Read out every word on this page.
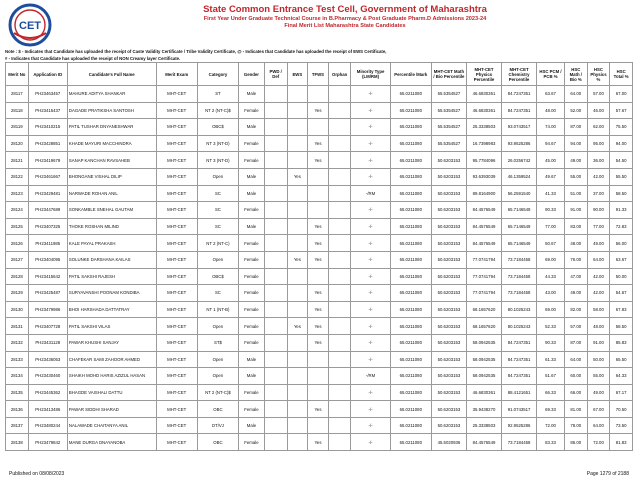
CET
State Common Entrance Test Cell, Government of Maharashtra
First Year Under Graduate Technical Course in B.Pharmacy & Post Graduate Pharm.D Admissions 2023-24
Final Merit List Maharashtra State Candidates
Note : $ - Indicates that Candidate has uploaded the receipt of Caste Validity Certificate / Tribe Validity Certificate, @ - Indicates that Candidate has uploaded the receipt of EWS Certificate,
# - Indicates that Candidate has uploaded the receipt of NON Creamy layer Certificate.
Merit No	Application ID	Candidate's Full Name	Merit Exam	Category	Gender	PWD / Def	EWS	TFWS	Orphan	Minority Type (LM/RM)	Percentile /Mark	MHT-CET Math / Bio Percentile	MHT-CET Physics Percentile	MHT-CET Chemistry Percentile	HSC PCM / PCB %	HSC Math / Bio %	HSC Physics %	HSC Total %
28117	PH23463457	MAHURE ADITYA SHANKAR	MHT-CET	ST	Male					-/-	65.0211080	55.5354527	46.6830361	84.7247351	63.67	64.00	57.00	67.00
28118	PH23415437	DAGADE PRATIKSHA SANTOSH	MHT-CET	NT 2 (NT-C)$	Female			Yes		-/-	65.0211080	55.5354527	46.6830361	84.7247351	48.00	52.00	46.00	57.67
28119	PH23410215	PATIL TUSHAR DNYANESHWAR	MHT-CET	OBC$	Male					-/-	65.0211080	55.5354527	25.3338503	93.0743517	74.00	87.00	62.00	75.50
28120	PH23428851	KHADE MAYURI MACCHINDRA	MHT-CET	NT 3 (NT-D)	Female			Yes		-/-	65.0211080	55.5354527	16.7398983	93.9525286	94.67	94.00	95.00	94.00
28121	PH23419679	SANAP KANCHAN RAVSAHEB	MHT-CET	NT 3 (NT-D)	Female			Yes		-/-	65.0211080	50.6203153	95.7784096	26.0256742	45.00	49.00	36.00	54.50
28122	PH23461667	BHONGANE VISHAL DILIP	MHT-CET	Open	Male		Yes			-/-	65.0211080	50.6203153	93.6393039	46.1359524	49.67	55.00	42.00	55.50
28123	PH23429481	NARWADE ROHAN ANIL	MHT-CET	SC	Male					-/RM	65.0211080	50.6203153	89.8164900	56.2591540	41.33	51.00	37.00	58.50
28124	PH23447689	SONKAMBLE SNEHAL GAUTAM	MHT-CET	SC	Female					-/-	65.0211080	50.6203153	84.4576549	65.7146549	90.33	91.00	90.00	91.33
28125	PH23407325	THOKE ROSHAN MILIND	MHT-CET	SC	Male			Yes		-/-	65.0211080	50.6203153	84.4576549	65.7146549	77.00	83.00	77.00	72.83
28126	PH23411985	KALE PAYAL PRAKASH	MHT-CET	NT 2 (NT-C)	Female			Yes		-/-	65.0211080	50.6203153	84.4576549	65.7146549	50.67	48.00	49.00	56.00
28127	PH23404095	SOLUNKE DARSHANA KAILAS	MHT-CET	Open	Female		Yes	Yes		-/-	65.0211080	50.6203153	77.0741794	73.7184458	69.00	76.00	64.00	63.67
28128	PH23415642	PATIL SAKSHI RAJESH	MHT-CET	OBC$	Female					-/-	65.0211080	50.6203153	77.0741794	73.7184458	44.33	47.00	42.00	50.00
28129	PH23425487	SURYAVANSHI POONAM KONDIBA	MHT-CET	SC	Female			Yes		-/-	65.0211080	50.6203153	77.0741794	73.7184458	43.00	49.00	42.00	54.67
28130	PH23479986	BHOI HARSHADA DATTATRAY	MHT-CET	NT 1 (NT-B)	Female			Yes		-/-	65.0211080	50.6203153	68.1657620	80.1025243	69.00	82.00	58.00	67.83
28131	PH23407728	PATIL SAKSHI VILAS	MHT-CET	Open	Female		Yes	Yes		-/-	65.0211080	50.6203153	68.1657620	80.1025243	52.33	57.00	48.00	58.50
28132	PH23431128	PAWAR KHUSHI SANJAY	MHT-CET	ST$	Female			Yes		-/-	65.0211080	50.6203153	58.0942535	84.7247351	90.33	87.00	91.00	85.83
28133	PH23436053	CHAFEKAR SAMI ZAHOOR AHMED	MHT-CET	Open	Male					-/-	65.0211080	50.6203153	58.0942535	84.7247351	61.33	64.00	50.00	65.50
28134	PH23430460	SHAIKH MOHD HARIS AZIZUL HASAN	MHT-CET	Open	Male					-/RM	65.0211080	50.6203153	58.0942535	84.7247351	51.67	60.00	55.00	64.33
28135	PH23445362	BHAGDE VAISHALI DATTU	MHT-CET	NT 2 (NT-C)$	Female					-/-	65.0211080	50.6203153	46.6830361	88.4121651	66.33	66.00	49.00	67.17
28136	PH23413486	PAWAR SIDDHI SHARAD	MHT-CET	OBC	Female			Yes		-/-	65.0211080	50.6203153	35.9438270	91.0743517	69.33	81.00	67.00	70.50
28137	PH23480244	NALAWADE CHAITANYA ANIL	MHT-CET	DT/VJ	Male					-/-	65.0211080	50.6203153	25.3338503	92.9525286	72.00	78.00	64.00	73.50
28138	PH23479842	MANE DURGA DNAYANOBA	MHT-CET	OBC	Female			Yes		-/-	65.0211080	45.5020936	84.4576549	73.7184458	83.33	86.00	72.00	81.83
Published on 08/08/2023	Page 1279 of 2188
